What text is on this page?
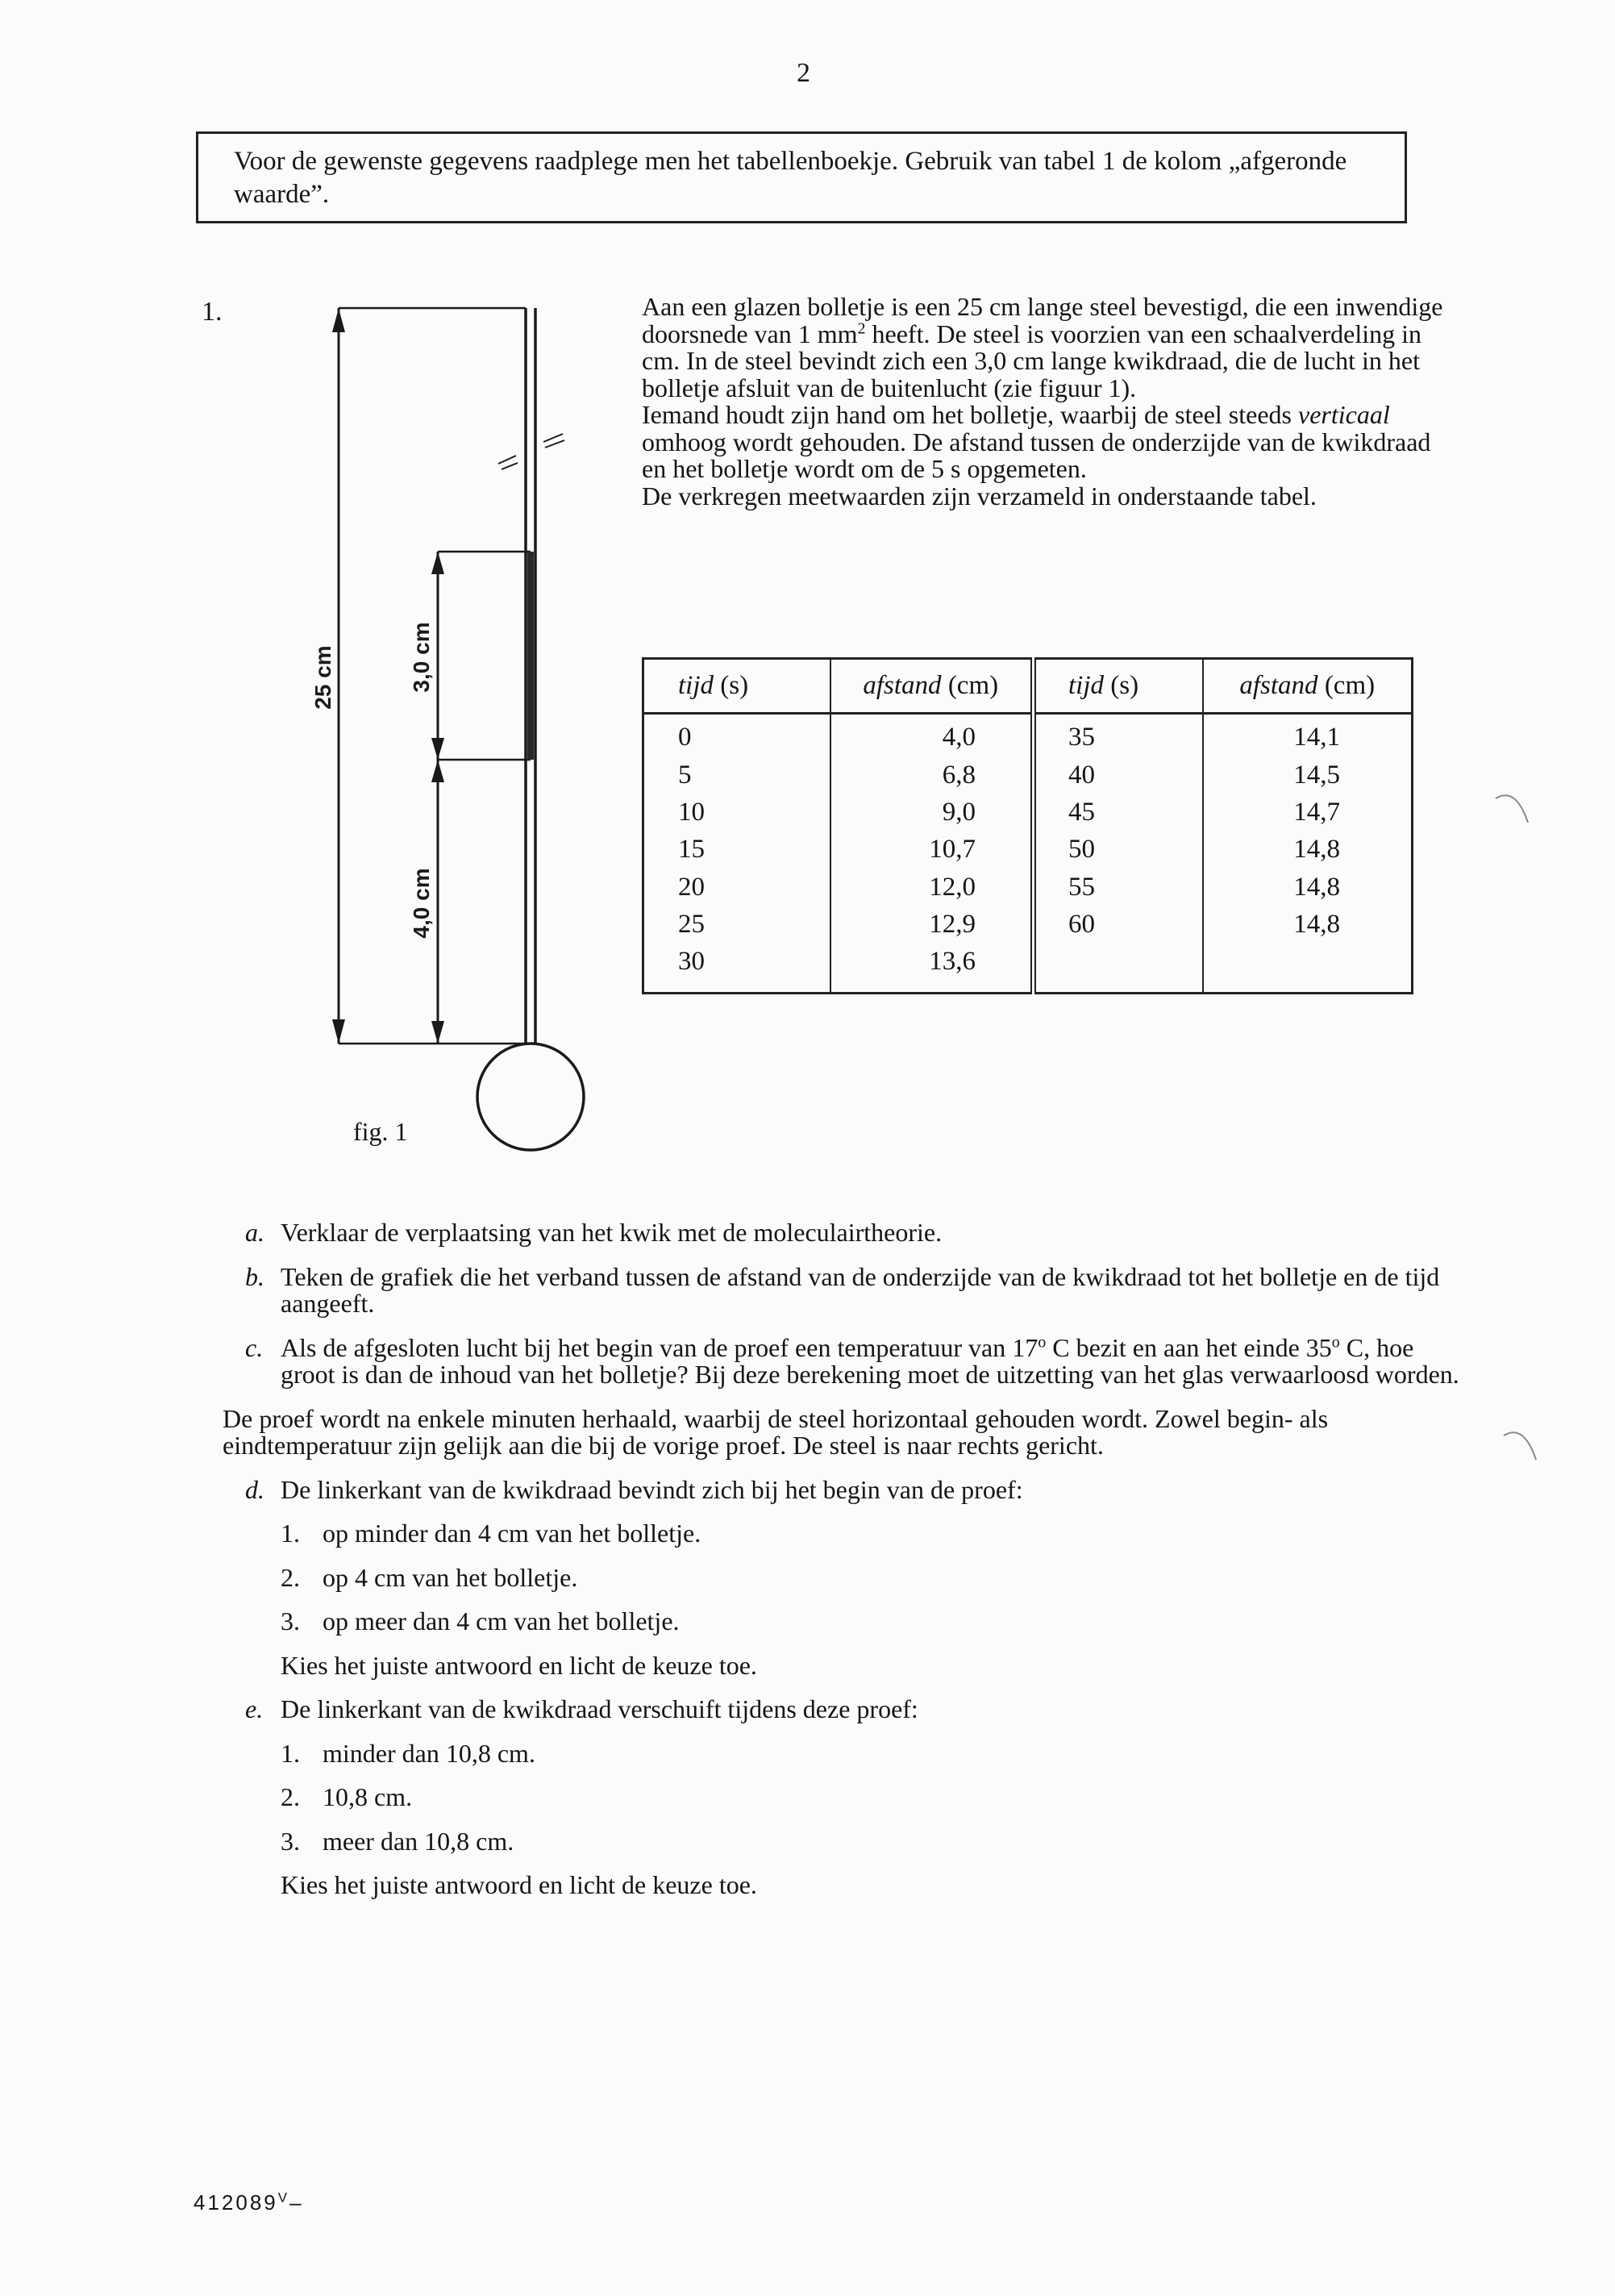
2
Voor de gewenste gegevens raadplege men het tabellenboekje. Gebruik van tabel 1 de kolom „afgeronde waarde”.
1.	Aan een glazen bolletje is een 25 cm lange steel bevestigd, die een inwendige doorsnede van 1 $mm^2$ heeft. De steel is voorzien van een schaalverdeling in cm. In de steel bevindt zich een 3,0 cm lange kwikdraad, die de lucht in het bolletje afsluit van de buitenlucht (zie figuur 1).

Iemand houdt zijn hand om het bolletje, waarbij de steel steeds verticaal omhoog wordt gehouden. De afstand tussen de onderzijde van de kwikdraad en het bolletje wordt om de 5 s opgemeten.

De verkregen meetwaarden zijn verzameld in onderstaande tabel.

tijd (s)	afstand (cm)	tijd (s)	afstand (cm)
0	4,0	35	14,1
5	6,8	40	14,5
10	9,0	45	14,7
15	10,7	50	14,8
20	12,0	55	14,8
25	12,9	60	14,8
30	13,6		
25 cm	3,0 cm
4,0 cm
fig. 1
a. Verklaar de verplaatsing van het kwik met de moleculairtheorie.
b. Teken de grafiek die het verband tussen de afstand van de onderzijde van de kwikdraad tot het bolletje en de tijd aangeeft.
c. Als de afgesloten lucht bij het begin van de proef een temperatuur van 17$^o$ C bezit en aan het einde 35$^o$ C, hoe groot is dan de inhoud van het bolletje? Bij deze berekening moet de uitzetting van het glas verwaarloosd worden.

De proef wordt na enkele minuten herhaald, waarbij de steel horizontaal gehouden wordt. Zowel begin- als eindtemperatuur zijn gelijk aan die bij de vorige proef. De steel is naar rechts gericht.

d. De linkerkant van de kwikdraad bevindt zich bij het begin van de proef:
1. op minder dan 4 cm van het bolletje.
2. op 4 cm van het bolletje.
3. op meer dan 4 cm van het bolletje.
Kies het juiste antwoord en licht de keuze toe.
e. De linkerkant van de kwikdraad verschuift tijdens deze proef:
1. minder dan 10,8 cm.
2. 10,8 cm.
3. meer dan 10,8 cm.
Kies het juiste antwoord en licht de keuze toe.
$412089^V-$
